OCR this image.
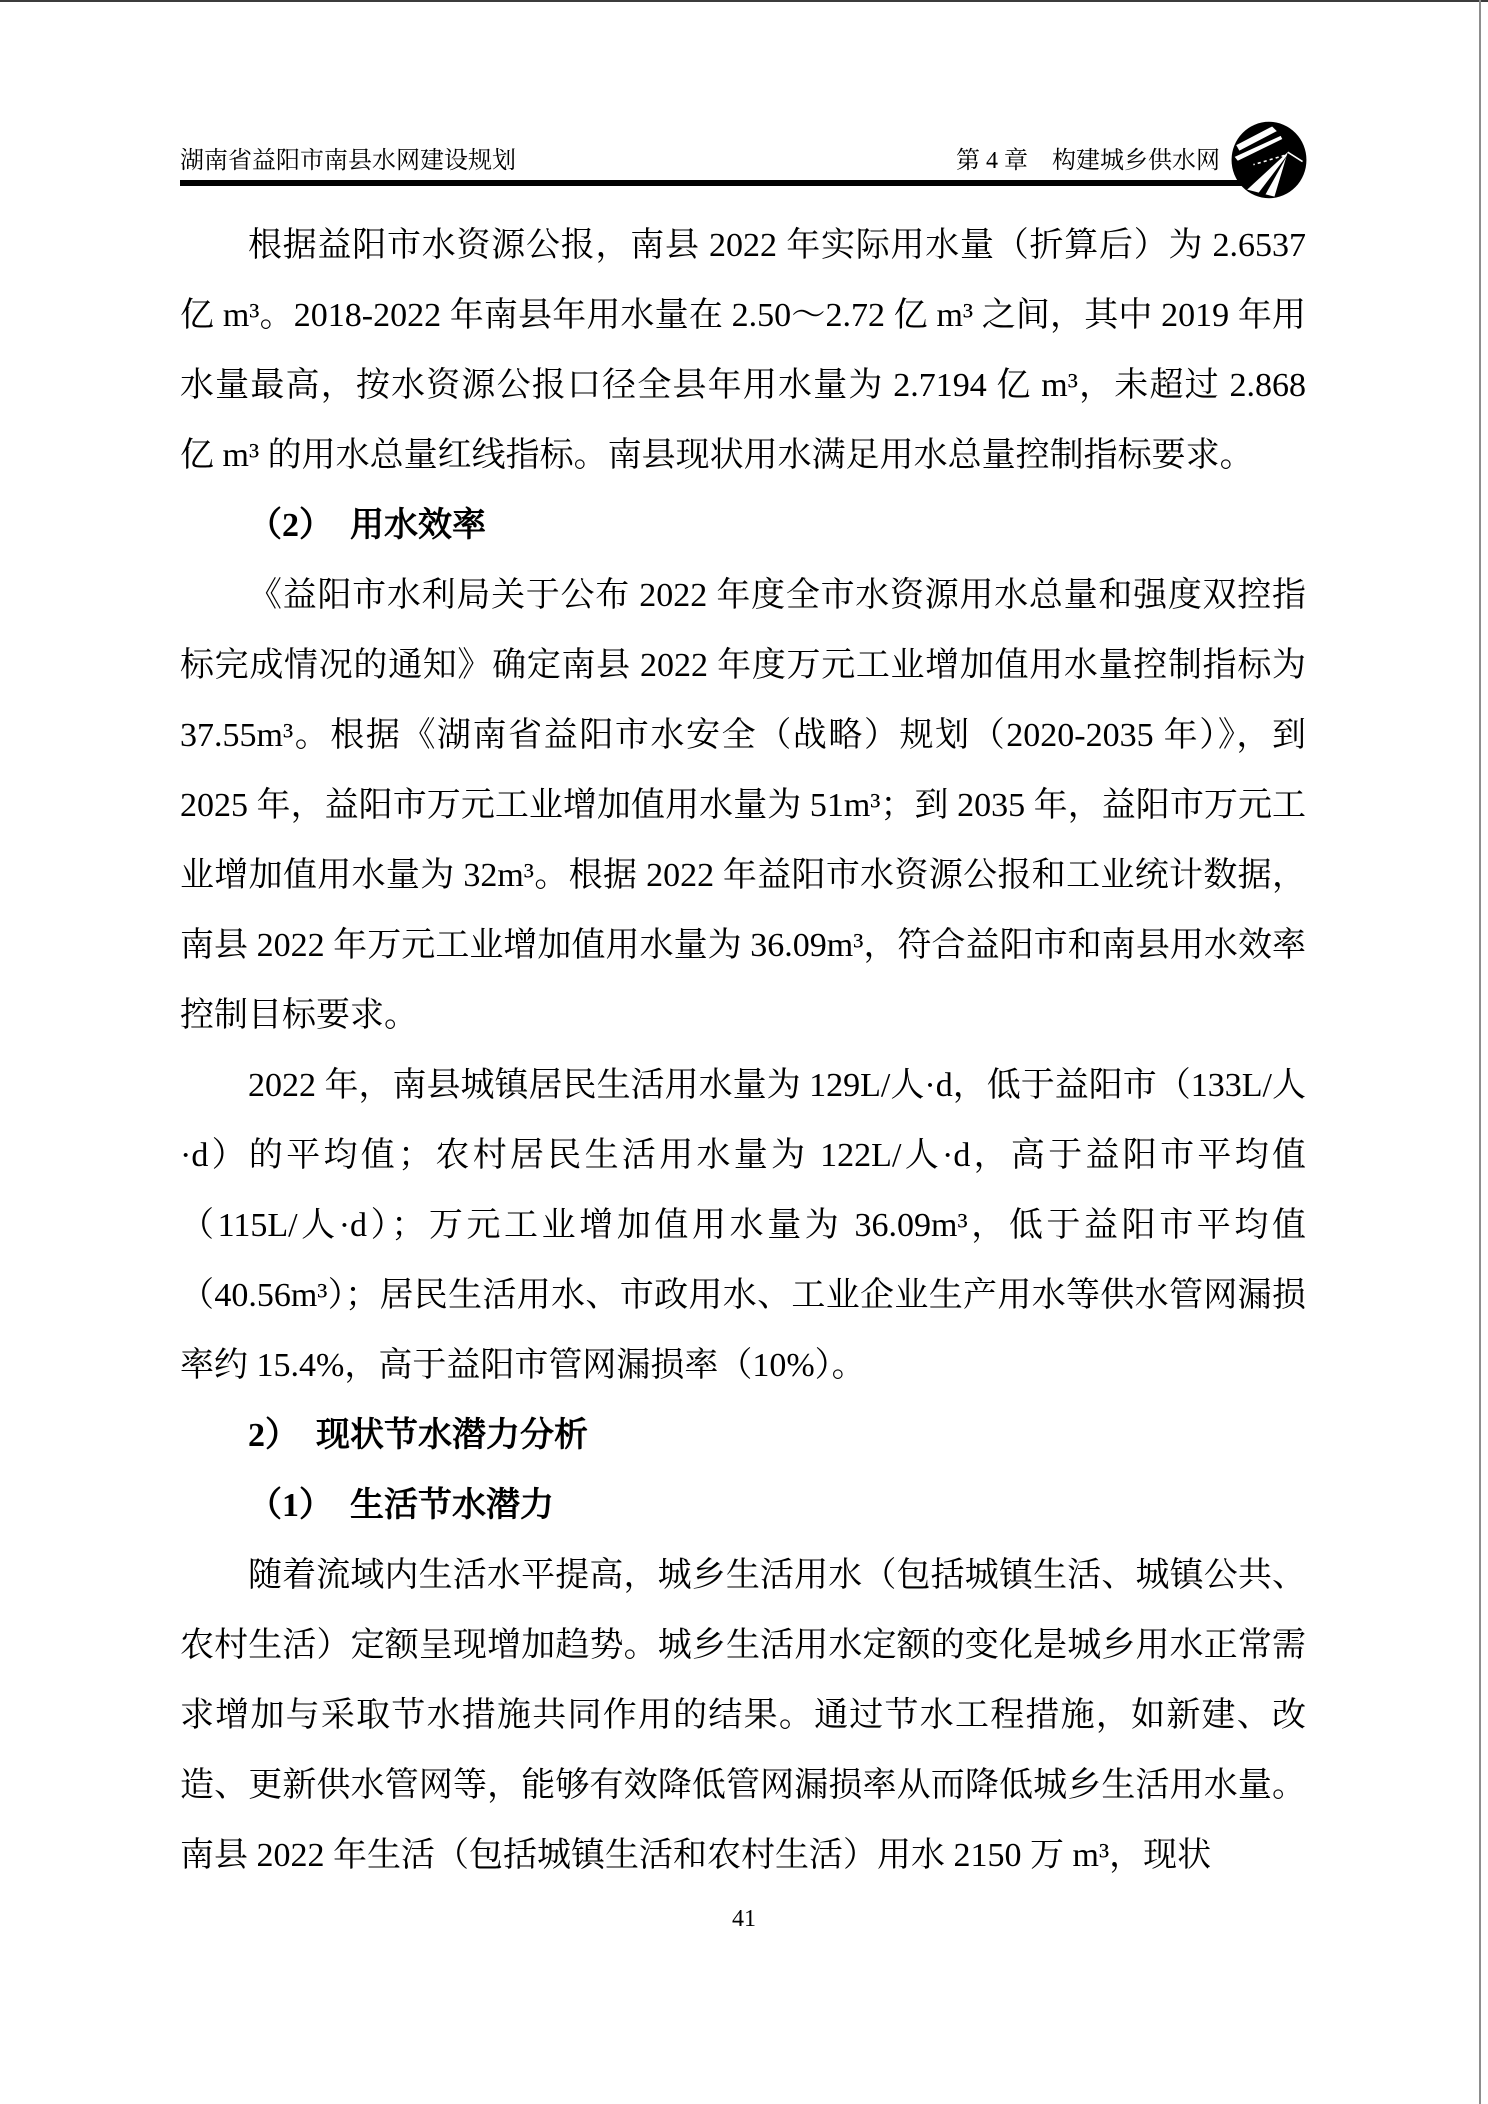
湖南省益阳市南县水网建设规划	第 4 章　构建城乡供水网

根据益阳市水资源公报，南县 2022 年实际用水量（折算后）为 2.6537 亿 m³。2018-2022 年南县年用水量在 2.50～2.72 亿 m³ 之间，其中 2019 年用水量最高，按水资源公报口径全县年用水量为 2.7194 亿 m³，未超过 2.868 亿 m³ 的用水总量红线指标。南县现状用水满足用水总量控制指标要求。

（2）　用水效率

《益阳市水利局关于公布 2022 年度全市水资源用水总量和强度双控指标完成情况的通知》确定南县 2022 年度万元工业增加值用水量控制指标为 37.55m³。根据《湖南省益阳市水安全（战略）规划（2020-2035 年）》，到 2025 年，益阳市万元工业增加值用水量为 51m³；到 2035 年，益阳市万元工业增加值用水量为 32m³。根据 2022 年益阳市水资源公报和工业统计数据，南县 2022 年万元工业增加值用水量为 36.09m³，符合益阳市和南县用水效率控制目标要求。

2022 年，南县城镇居民生活用水量为 129L/人·d，低于益阳市（133L/人·d）的平均值；农村居民生活用水量为 122L/人·d，高于益阳市平均值（115L/人·d）；万元工业增加值用水量为 36.09m³，低于益阳市平均值（40.56m³）；居民生活用水、市政用水、工业企业生产用水等供水管网漏损率约 15.4%，高于益阳市管网漏损率（10%）。

2）　现状节水潜力分析

（1）　生活节水潜力

随着流域内生活水平提高，城乡生活用水（包括城镇生活、城镇公共、农村生活）定额呈现增加趋势。城乡生活用水定额的变化是城乡用水正常需求增加与采取节水措施共同作用的结果。通过节水工程措施，如新建、改造、更新供水管网等，能够有效降低管网漏损率从而降低城乡生活用水量。南县 2022 年生活（包括城镇生活和农村生活）用水 2150 万 m³，现状

41
